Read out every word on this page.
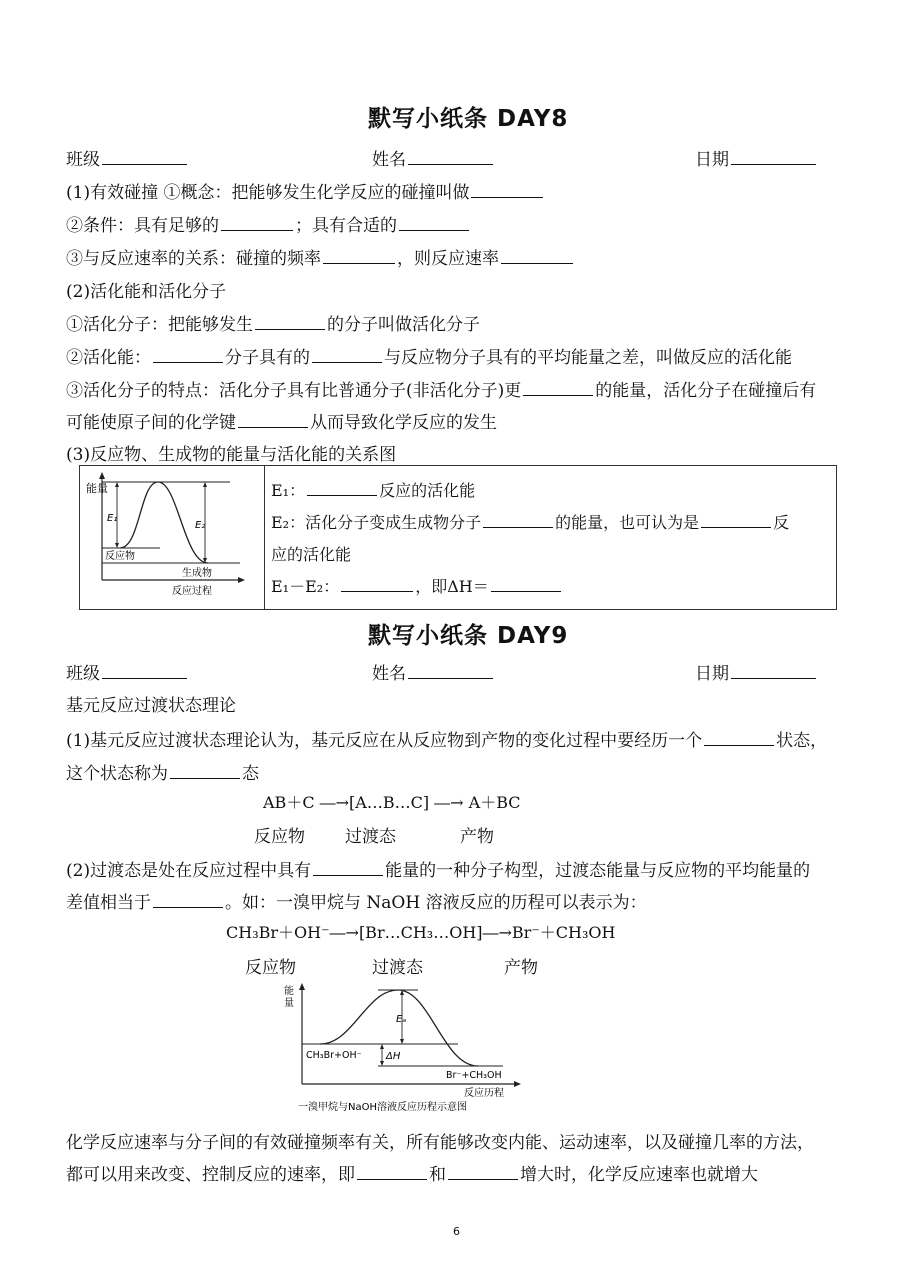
默写小纸条 DAY8
班级	姓名	日期
(1)有效碰撞 ①概念：把能够发生化学反应的碰撞叫做
②条件：具有足够的	；具有合适的
③与反应速率的关系：碰撞的频率	，则反应速率
(2)活化能和活化分子
①活化分子：把能够发生	的分子叫做活化分子
②活化能：	分子具有的	与反应物分子具有的平均能量之差，叫做反应的活化能
③活化分子的特点：活化分子具有比普通分子(非活化分子)更	的能量，活化分子在碰撞后有
可能使原子间的化学键	从而导致化学反应的发生
(3)反应物、生成物的能量与活化能的关系图
能量
E₁
E₂
反应物
生成物
反应过程

E₁：	反应的活化能
E₂：活化分子变成生成物分子	的能量，也可认为是	反
应的活化能
E₁－E₂：	，即ΔH＝
默写小纸条 DAY9
班级	姓名	日期
基元反应过渡状态理论
(1)基元反应过渡状态理论认为，基元反应在从反应物到产物的变化过程中要经历一个	状态，
这个状态称为	态
AB＋C ―→[A…B…C] ―→ A＋BC
反应物 过渡态	产物
(2)过渡态是处在反应过程中具有	能量的一种分子构型，过渡态能量与反应物的平均能量的
差值相当于	。如：一溴甲烷与 NaOH 溶液反应的历程可以表示为：
CH₃Br＋OH⁻―→[Br…CH₃…OH]―→Br⁻＋CH₃OH
反应物	过渡态	产物
能
量
Eₐ
ΔH
CH₃Br+OH⁻
Br⁻+CH₃OH
反应历程
一溴甲烷与NaOH溶液反应历程示意图
化学反应速率与分子间的有效碰撞频率有关，所有能够改变内能、运动速率，以及碰撞几率的方法，
都可以用来改变、控制反应的速率，即	和	增大时，化学反应速率也就增大
6
